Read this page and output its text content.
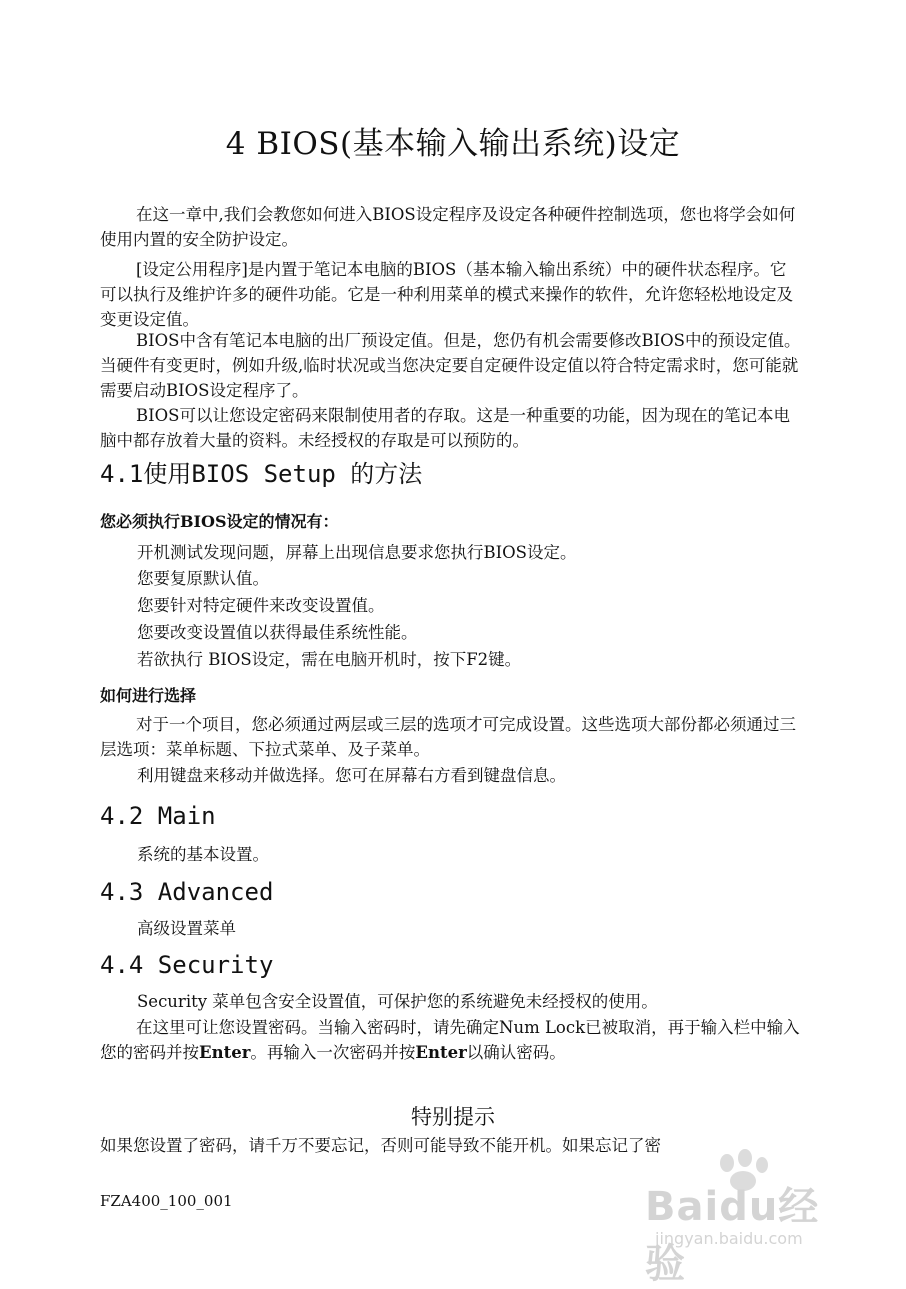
4 BIOS(基本输入输出系统)设定

在这一章中,我们会教您如何进入BIOS设定程序及设定各种硬件控制选项，您也将学会如何使用内置的安全防护设定。

[设定公用程序]是内置于笔记本电脑的BIOS（基本输入输出系统）中的硬件状态程序。它可以执行及维护许多的硬件功能。它是一种利用菜单的模式来操作的软件，允许您轻松地设定及变更设定值。

BIOS中含有笔记本电脑的出厂预设定值。但是，您仍有机会需要修改BIOS中的预设定值。当硬件有变更时，例如升级,临时状况或当您决定要自定硬件设定值以符合特定需求时，您可能就需要启动BIOS设定程序了。

BIOS可以让您设定密码来限制使用者的存取。这是一种重要的功能，因为现在的笔记本电脑中都存放着大量的资料。未经授权的存取是可以预防的。

4.1使用BIOS Setup 的方法
您必须执行BIOS设定的情况有：
开机测试发现问题，屏幕上出现信息要求您执行BIOS设定。
您要复原默认值。
您要针对特定硬件来改变设置值。
您要改变设置值以获得最佳系统性能。
若欲执行 BIOS设定，需在电脑开机时，按下F2键。
如何进行选择

对于一个项目，您必须通过两层或三层的选项才可完成设置。这些选项大部份都必须通过三层选项：菜单标题、下拉式菜单、及子菜单。

利用键盘来移动并做选择。您可在屏幕右方看到键盘信息。
4.2 Main
系统的基本设置。
4.3 Advanced
高级设置菜单
4.4 Security
Security 菜单包含安全设置值，可保护您的系统避免未经授权的使用。

在这里可让您设置密码。当输入密码时，请先确定Num Lock已被取消，再于输入栏中输入您的密码并按Enter。再输入一次密码并按Enter以确认密码。

特别提示
如果您设置了密码，请千万不要忘记，否则可能导致不能开机。如果忘记了密
FZA400_100_001	Baidu经验
jingyan.baidu.com
